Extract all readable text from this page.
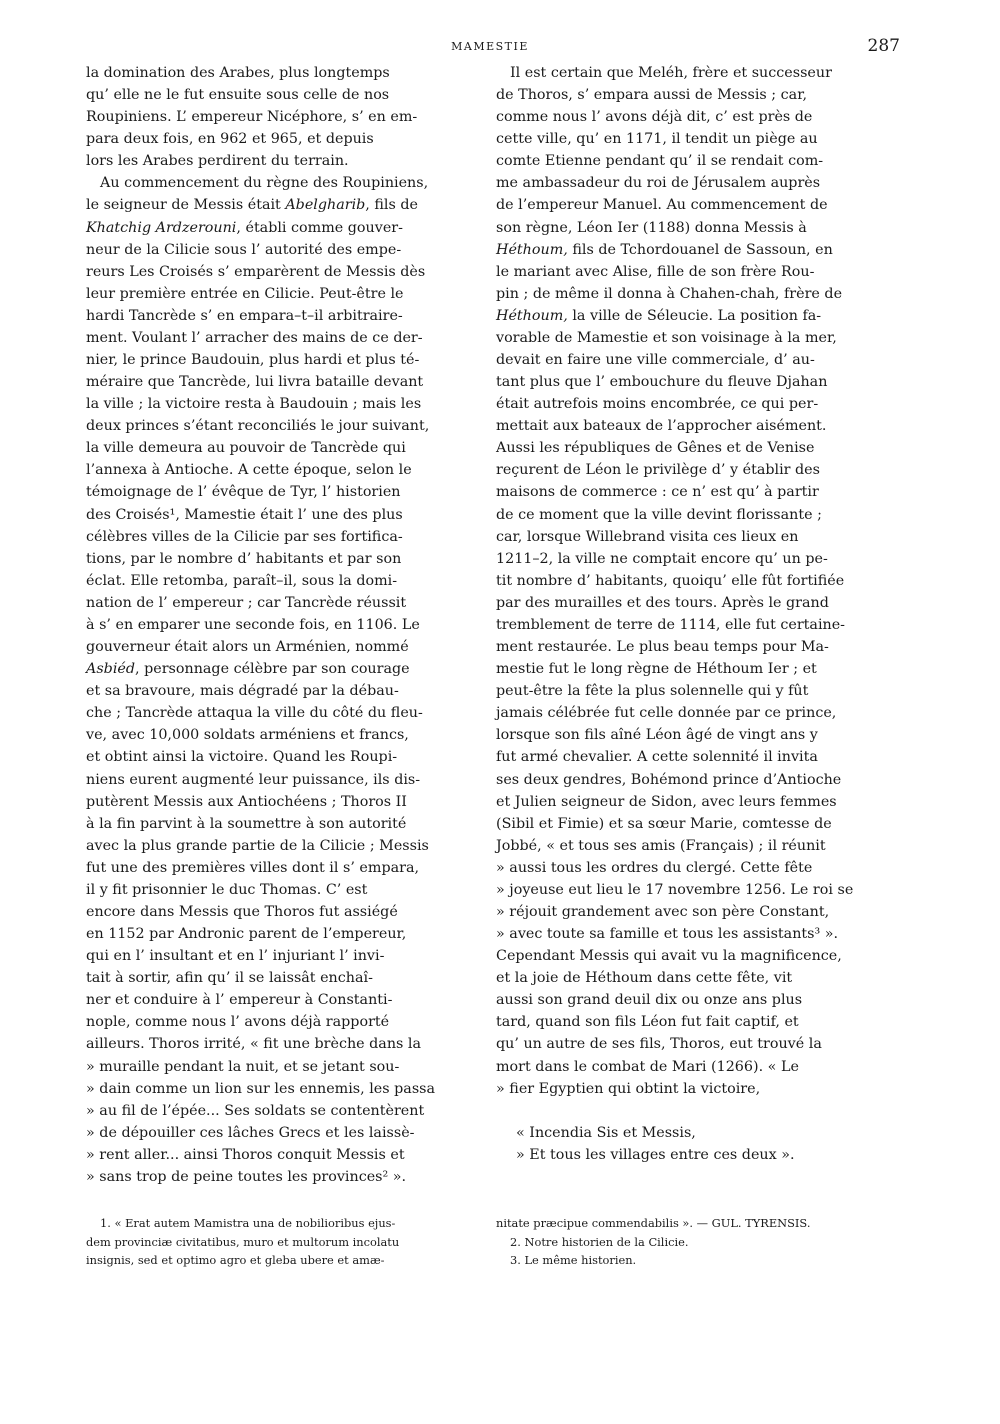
MAMESTIE	287
la domination des Arabes, plus longtemps
qu’ elle ne le fut ensuite sous celle de nos
Roupiniens. L’ empereur Nicéphore, s’ en em-
para deux fois, en 962 et 965, et depuis
lors les Arabes perdirent du terrain.
Au commencement du règne des Roupiniens,
le seigneur de Messis était Abelgharib, fils de
Khatchig Ardzerouni, établi comme gouver-
neur de la Cilicie sous l’ autorité des empe-
reurs Les Croisés s’ emparèrent de Messis dès
leur première entrée en Cilicie. Peut-être le
hardi Tancrède s’ en empara–t–il arbitraire-
ment. Voulant l’ arracher des mains de ce der-
nier, le prince Baudouin, plus hardi et plus té-
méraire que Tancrède, lui livra bataille devant
la ville ; la victoire resta à Baudouin ; mais les
deux princes s’étant reconciliés le jour suivant,
la ville demeura au pouvoir de Tancrède qui
l’annexa à Antioche. A cette époque, selon le
témoignage de l’ évêque de Tyr, l’ historien
des Croisés¹, Mamestie était l’ une des plus
célèbres villes de la Cilicie par ses fortifica-
tions, par le nombre d’ habitants et par son
éclat. Elle retomba, paraît–il, sous la domi-
nation de l’ empereur ; car Tancrède réussit
à s’ en emparer une seconde fois, en 1106. Le
gouverneur était alors un Arménien, nommé
Asbiéd, personnage célèbre par son courage
et sa bravoure, mais dégradé par la débau-
che ; Tancrède attaqua la ville du côté du fleu-
ve, avec 10,000 soldats arméniens et francs,
et obtint ainsi la victoire. Quand les Roupi-
niens eurent augmenté leur puissance, ils dis-
putèrent Messis aux Antiochéens ; Thoros II
à la fin parvint à la soumettre à son autorité
avec la plus grande partie de la Cilicie ; Messis
fut une des premières villes dont il s’ empara,
il y fit prisonnier le duc Thomas. C’ est
encore dans Messis que Thoros fut assiégé
en 1152 par Andronic parent de l’empereur,
qui en l’ insultant et en l’ injuriant l’ invi-
tait à sortir, afin qu’ il se laissât enchaî-
ner et conduire à l’ empereur à Constanti-
nople, comme nous l’ avons déjà rapporté
ailleurs. Thoros irrité, « fit une brèche dans la
» muraille pendant la nuit, et se jetant sou-
» dain comme un lion sur les ennemis, les passa
» au fil de l’épée... Ses soldats se contentèrent
» de dépouiller ces lâches Grecs et les laissè-
» rent aller... ainsi Thoros conquit Messis et
» sans trop de peine toutes les provinces² ».
Il est certain que Meléh, frère et successeur
de Thoros, s’ empara aussi de Messis ; car,
comme nous l’ avons déjà dit, c’ est près de
cette ville, qu’ en 1171, il tendit un piège au
comte Etienne pendant qu’ il se rendait com-
me ambassadeur du roi de Jérusalem auprès
de l’empereur Manuel. Au commencement de
son règne, Léon Ier (1188) donna Messis à
Héthoum, fils de Tchordouanel de Sassoun, en
le mariant avec Alise, fille de son frère Rou-
pin ; de même il donna à Chahen-chah, frère de
Héthoum, la ville de Séleucie. La position fa-
vorable de Mamestie et son voisinage à la mer,
devait en faire une ville commerciale, d’ au-
tant plus que l’ embouchure du fleuve Djahan
était autrefois moins encombrée, ce qui per-
mettait aux bateaux de l’approcher aisément.
Aussi les républiques de Gênes et de Venise
reçurent de Léon le privilège d’ y établir des
maisons de commerce : ce n’ est qu’ à partir
de ce moment que la ville devint florissante ;
car, lorsque Willebrand visita ces lieux en
1211–2, la ville ne comptait encore qu’ un pe-
tit nombre d’ habitants, quoiqu’ elle fût fortifiée
par des murailles et des tours. Après le grand
tremblement de terre de 1114, elle fut certaine-
ment restaurée. Le plus beau temps pour Ma-
mestie fut le long règne de Héthoum Ier ; et
peut-être la fête la plus solennelle qui y fût
jamais célébrée fut celle donnée par ce prince,
lorsque son fils aîné Léon âgé de vingt ans y
fut armé chevalier. A cette solennité il invita
ses deux gendres, Bohémond prince d’Antioche
et Julien seigneur de Sidon, avec leurs femmes
(Sibil et Fimie) et sa sœur Marie, comtesse de
Jobbé, « et tous ses amis (Français) ; il réunit
» aussi tous les ordres du clergé. Cette fête
» joyeuse eut lieu le 17 novembre 1256. Le roi se
» réjouit grandement avec son père Constant,
» avec toute sa famille et tous les assistants³ ».
Cependant Messis qui avait vu la magnificence,
et la joie de Héthoum dans cette fête, vit
aussi son grand deuil dix ou onze ans plus
tard, quand son fils Léon fut fait captif, et
qu’ un autre de ses fils, Thoros, eut trouvé la
mort dans le combat de Mari (1266). « Le
» fier Egyptien qui obtint la victoire,
« Incendia Sis et Messis,
» Et tous les villages entre ces deux ».
1. « Erat autem Mamistra una de nobilioribus ejus-
dem provinciæ civitatibus, muro et multorum incolatu
insignis, sed et optimo agro et gleba ubere et amæ-
nitate præcipue commendabilis ». — GUL. TYRENSIS.
2. Notre historien de la Cilicie.
3. Le même historien.
